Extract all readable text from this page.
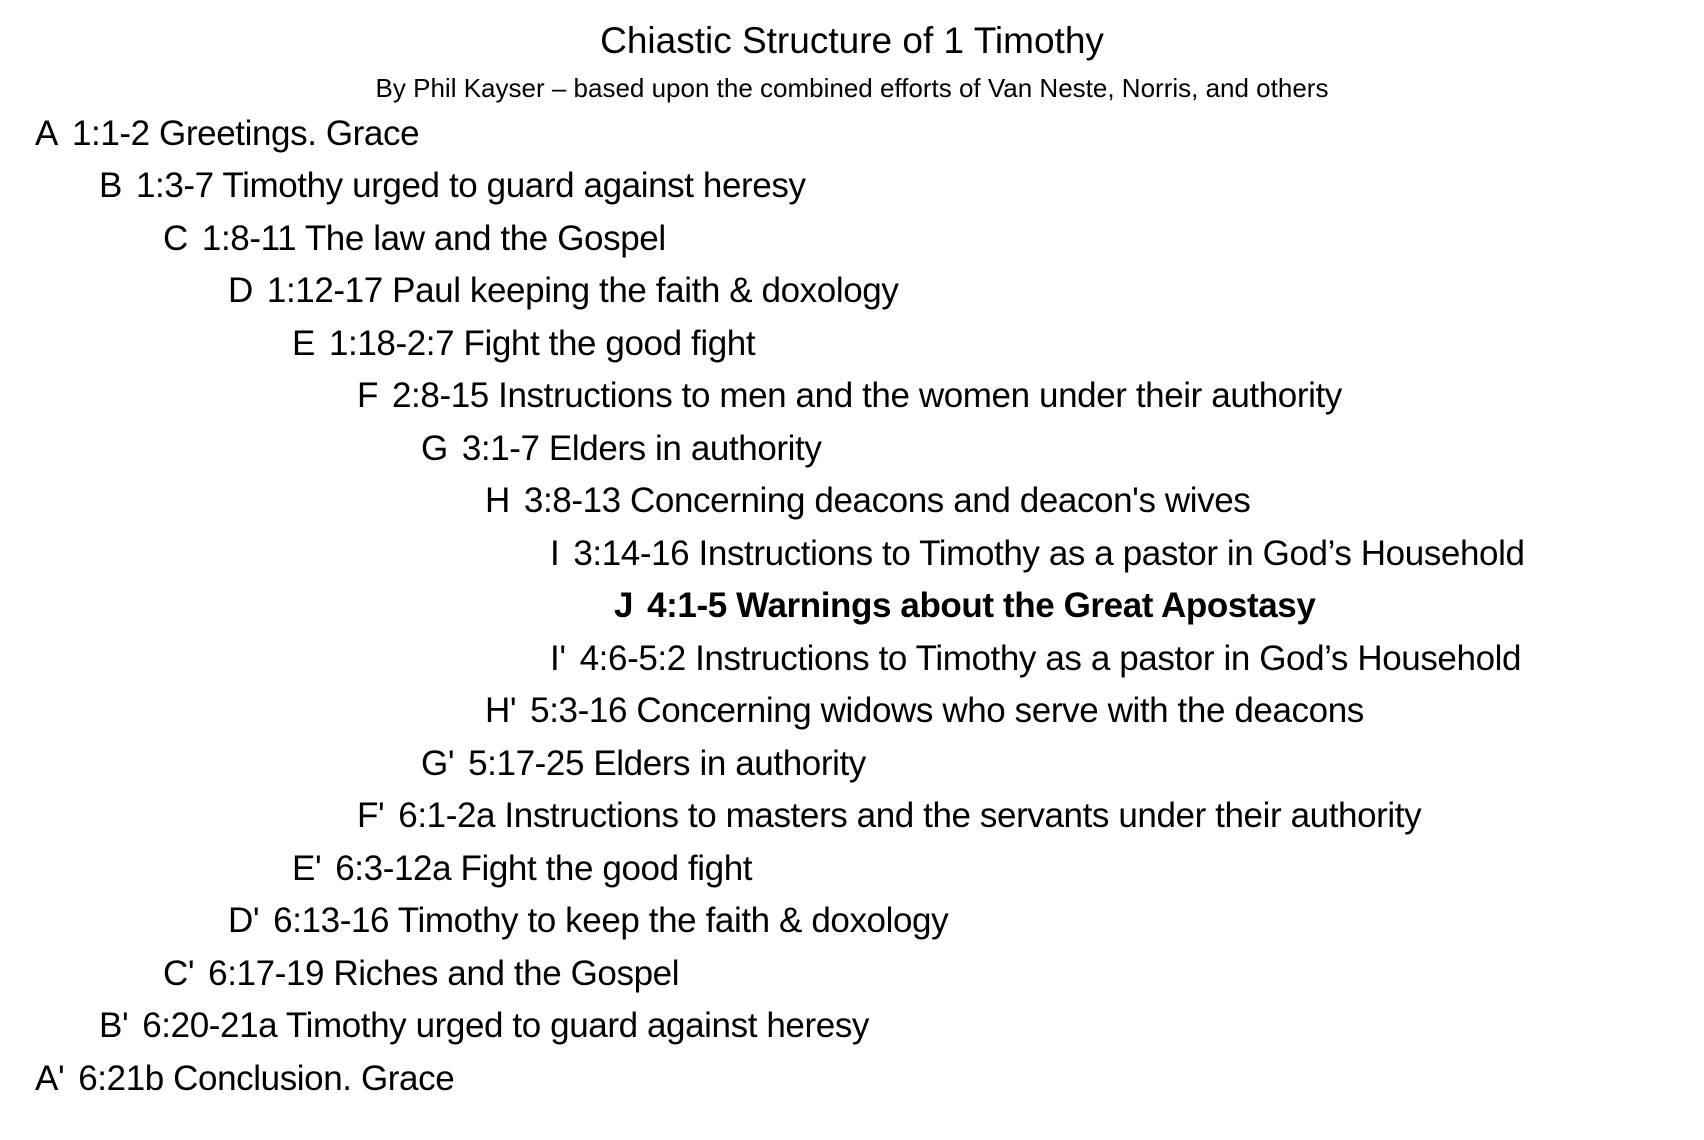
Chiastic Structure of 1 Timothy
By Phil Kayser – based upon the combined efforts of Van Neste, Norris, and others
A 1:1-2 Greetings. Grace
B 1:3-7 Timothy urged to guard against heresy
C 1:8-11 The law and the Gospel
D 1:12-17 Paul keeping the faith & doxology
E 1:18-2:7 Fight the good fight
F 2:8-15 Instructions to men and the women under their authority
G 3:1-7 Elders in authority
H 3:8-13 Concerning deacons and deacon's wives
I 3:14-16 Instructions to Timothy as a pastor in God’s Household
J 4:1-5 Warnings about the Great Apostasy
I' 4:6-5:2 Instructions to Timothy as a pastor in God’s Household
H' 5:3-16 Concerning widows who serve with the deacons
G' 5:17-25 Elders in authority
F' 6:1-2a Instructions to masters and the servants under their authority
E' 6:3-12a Fight the good fight
D' 6:13-16 Timothy to keep the faith & doxology
C' 6:17-19 Riches and the Gospel
B' 6:20-21a Timothy urged to guard against heresy
A' 6:21b Conclusion. Grace
